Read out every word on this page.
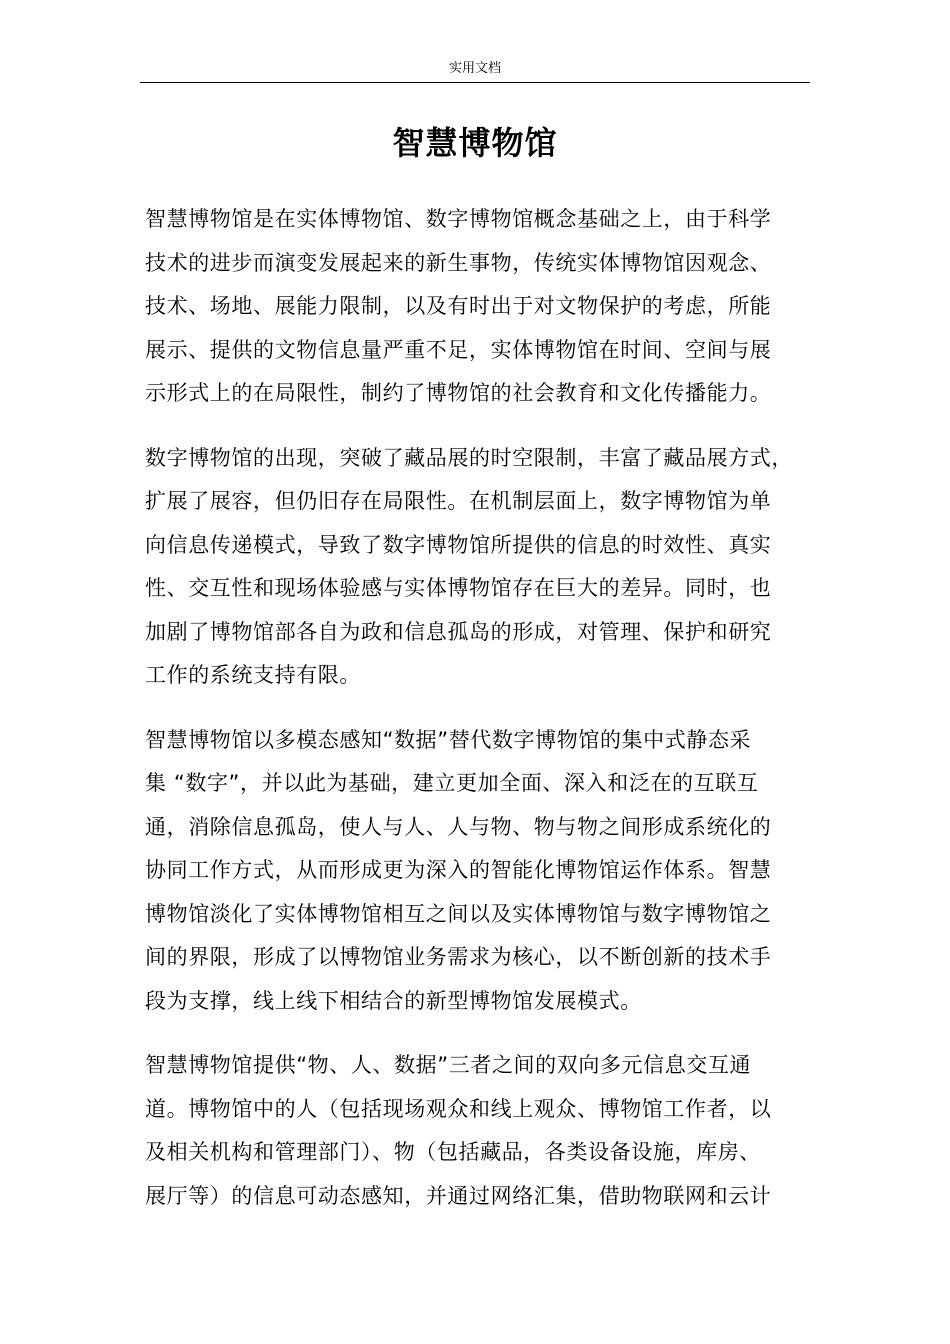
实用文档
智慧博物馆

智慧博物馆是在实体博物馆、数字博物馆概念基础之上，由于科学
技术的进步而演变发展起来的新生事物，传统实体博物馆因观念、
技术、场地、展能力限制，以及有时出于对文物保护的考虑，所能
展示、提供的文物信息量严重不足，实体博物馆在时间、空间与展
示形式上的在局限性，制约了博物馆的社会教育和文化传播能力。

数字博物馆的出现，突破了藏品展的时空限制，丰富了藏品展方式，
扩展了展容，但仍旧存在局限性。在机制层面上，数字博物馆为单
向信息传递模式，导致了数字博物馆所提供的信息的时效性、真实
性、交互性和现场体验感与实体博物馆存在巨大的差异。同时，也
加剧了博物馆部各自为政和信息孤岛的形成，对管理、保护和研究
工作的系统支持有限。

智慧博物馆以多模态感知“数据”替代数字博物馆的集中式静态采
集 “数字”，并以此为基础，建立更加全面、深入和泛在的互联互
通，消除信息孤岛，使人与人、人与物、物与物之间形成系统化的
协同工作方式，从而形成更为深入的智能化博物馆运作体系。智慧
博物馆淡化了实体博物馆相互之间以及实体博物馆与数字博物馆之
间的界限，形成了以博物馆业务需求为核心，以不断创新的技术手
段为支撑，线上线下相结合的新型博物馆发展模式。

智慧博物馆提供“物、人、数据”三者之间的双向多元信息交互通
道。博物馆中的人（包括现场观众和线上观众、博物馆工作者，以
及相关机构和管理部门）、物（包括藏品，各类设备设施，库房、
展厅等）的信息可动态感知，并通过网络汇集，借助物联网和云计
